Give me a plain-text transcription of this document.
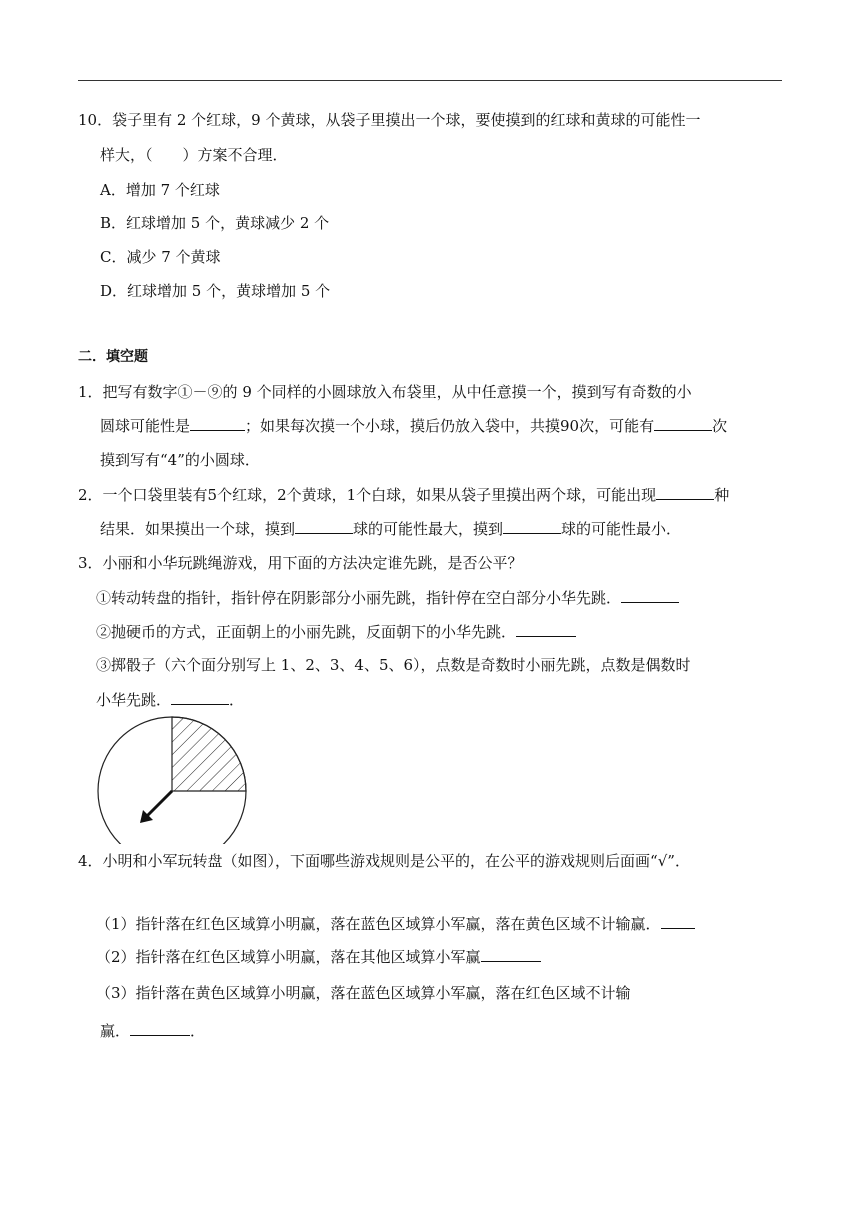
10．袋子里有 2 个红球，9 个黄球，从袋子里摸出一个球，要使摸到的红球和黄球的可能性一
样大，（　　）方案不合理．
A．增加 7 个红球
B．红球增加 5 个，黄球减少 2 个
C．减少 7 个黄球
D．红球增加 5 个，黄球增加 5 个
二．填空题
1．把写有数字①－⑨的 9 个同样的小圆球放入布袋里，从中任意摸一个，摸到写有奇数的小
圆球可能性是	；如果每次摸一个小球，摸后仍放入袋中，共摸90次，可能有	次
摸到写有“4”的小圆球．
2．一个口袋里装有5个红球，2个黄球，1个白球，如果从袋子里摸出两个球，可能出现	种
结果．如果摸出一个球，摸到	球的可能性最大，摸到	球的可能性最小．
3．小丽和小华玩跳绳游戏，用下面的方法决定谁先跳，是否公平？
①转动转盘的指针，指针停在阴影部分小丽先跳，指针停在空白部分小华先跳．
②抛硬币的方式，正面朝上的小丽先跳，反面朝下的小华先跳．
③掷骰子（六个面分别写上 1、2、3、4、5、6），点数是奇数时小丽先跳，点数是偶数时
小华先跳．	．
4．小明和小军玩转盘（如图），下面哪些游戏规则是公平的，在公平的游戏规则后面画“√”．
（1）指针落在红色区域算小明赢，落在蓝色区域算小军赢，落在黄色区域不计输赢．
（2）指针落在红色区域算小明赢，落在其他区域算小军赢
（3）指针落在黄色区域算小明赢，落在蓝色区域算小军赢，落在红色区域不计输
赢．	．
